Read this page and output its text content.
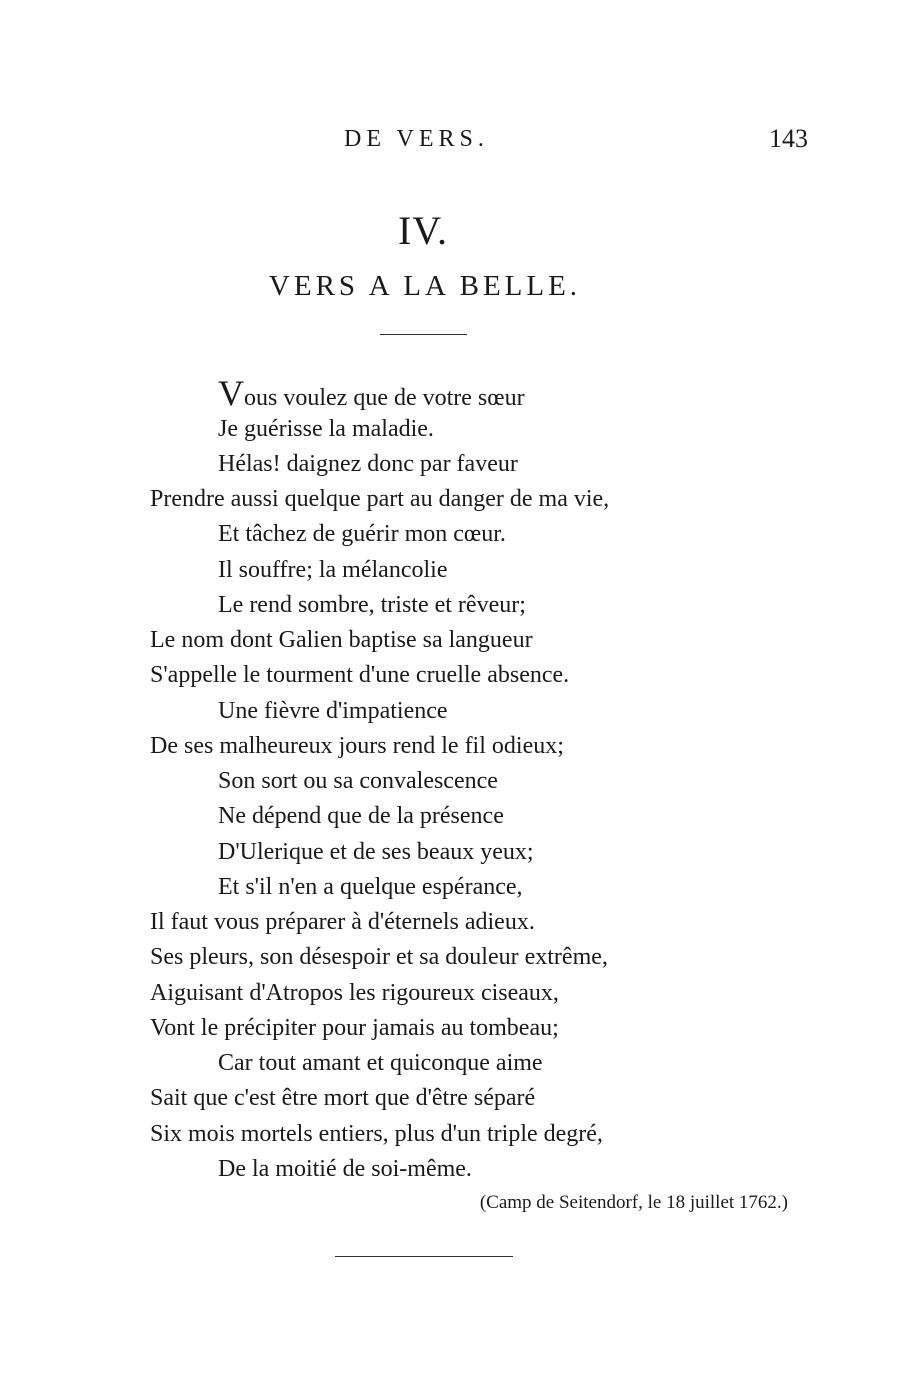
DE VERS.	143
IV.
VERS A LA BELLE.
Vous voulez que de votre sœur
Je guérisse la maladie.
Hélas! daignez donc par faveur
Prendre aussi quelque part au danger de ma vie,
Et tâchez de guérir mon cœur.
Il souffre; la mélancolie
Le rend sombre, triste et rêveur;
Le nom dont Galien baptise sa langueur
S'appelle le tourment d'une cruelle absence.
Une fièvre d'impatience
De ses malheureux jours rend le fil odieux;
Son sort ou sa convalescence
Ne dépend que de la présence
D'Ulerique et de ses beaux yeux;
Et s'il n'en a quelque espérance,
Il faut vous préparer à d'éternels adieux.
Ses pleurs, son désespoir et sa douleur extrême,
Aiguisant d'Atropos les rigoureux ciseaux,
Vont le précipiter pour jamais au tombeau;
Car tout amant et quiconque aime
Sait que c'est être mort que d'être séparé
Six mois mortels entiers, plus d'un triple degré,
De la moitié de soi-même.
(Camp de Seitendorf, le 18 juillet 1762.)
